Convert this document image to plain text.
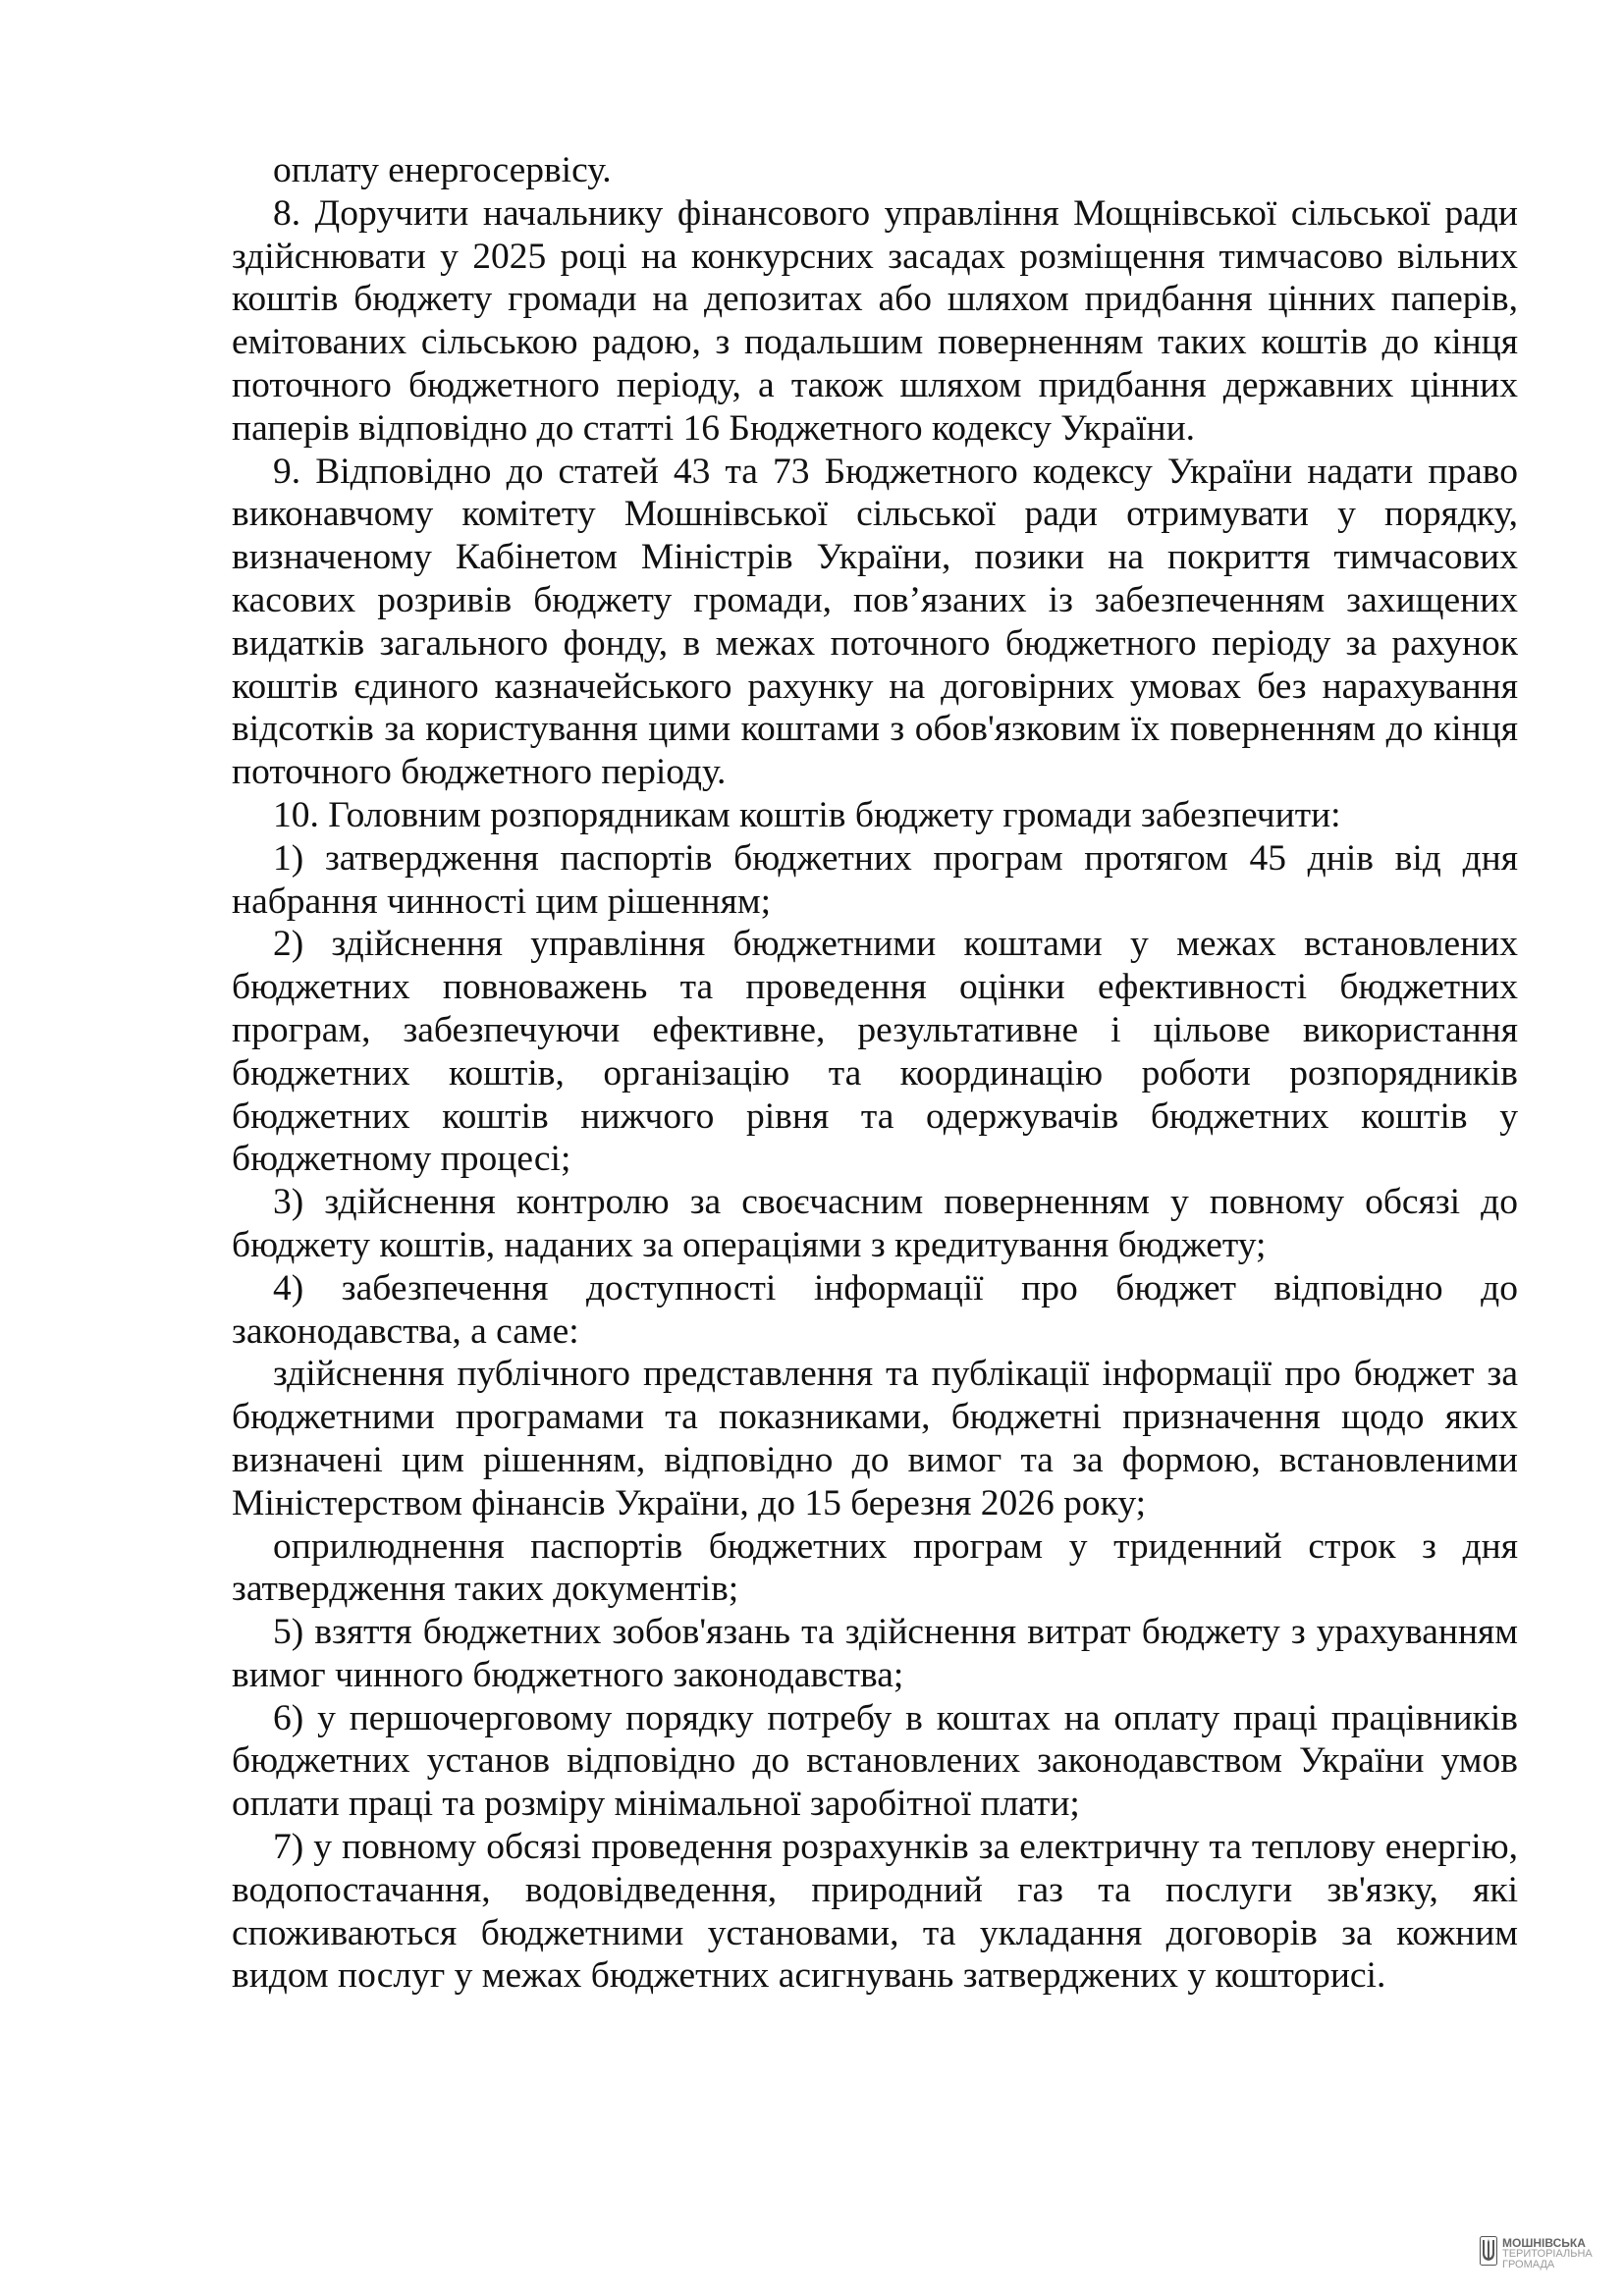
оплату енергосервісу.

8. Доручити начальнику фінансового управління Мощнівської сільської ради здійснювати у 2025 році на конкурсних засадах розміщення тимчасово вільних коштів бюджету громади на депозитах або шляхом придбання цінних паперів, емітованих сільською радою, з подальшим поверненням таких коштів до кінця поточного бюджетного періоду, а також шляхом придбання державних цінних паперів відповідно до статті 16 Бюджетного кодексу України.

9. Відповідно до статей 43 та 73 Бюджетного кодексу України надати право виконавчому комітету Мошнівської сільської ради отримувати у порядку, визначеному Кабінетом Міністрів України, позики на покриття тимчасових касових розривів бюджету громади, пов’язаних із забезпеченням захищених видатків загального фонду, в межах поточного бюджетного періоду за рахунок коштів єдиного казначейського рахунку на договірних умовах без нарахування відсотків за користування цими коштами з обов'язковим їх поверненням до кінця поточного бюджетного періоду.

10. Головним розпорядникам коштів бюджету громади забезпечити:

1) затвердження паспортів бюджетних програм протягом 45 днів від дня набрання чинності цим рішенням;

2) здійснення управління бюджетними коштами у межах встановлених бюджетних повноважень та проведення оцінки ефективності бюджетних програм, забезпечуючи ефективне, результативне і цільове використання бюджетних коштів, організацію та координацію роботи розпорядників бюджетних коштів нижчого рівня та одержувачів бюджетних коштів у бюджетному процесі;

3) здійснення контролю за своєчасним поверненням у повному обсязі до бюджету коштів, наданих за операціями з кредитування бюджету;

4) забезпечення доступності інформації про бюджет відповідно до законодавства, а саме:

здійснення публічного представлення та публікації інформації про бюджет за бюджетними програмами та показниками, бюджетні призначення щодо яких визначені цим рішенням, відповідно до вимог та за формою, встановленими Міністерством фінансів України, до 15 березня 2026 року;

оприлюднення паспортів бюджетних програм у триденний строк з дня затвердження таких документів;

5) взяття бюджетних зобов'язань та здійснення витрат бюджету з урахуванням вимог чинного бюджетного законодавства;

6) у першочерговому порядку потребу в коштах на оплату праці працівників бюджетних установ відповідно до встановлених законодавством України умов оплати праці та розміру мінімальної заробітної плати;

7) у повному обсязі проведення розрахунків за електричну та теплову енергію, водопостачання, водовідведення, природний газ та послуги зв'язку, які споживаються бюджетними установами, та укладання договорів за кожним видом послуг у межах бюджетних асигнувань затверджених у кошторисі.

МОШНІВСЬКА
ТЕРИТОРІАЛЬНА
ГРОМАДА
